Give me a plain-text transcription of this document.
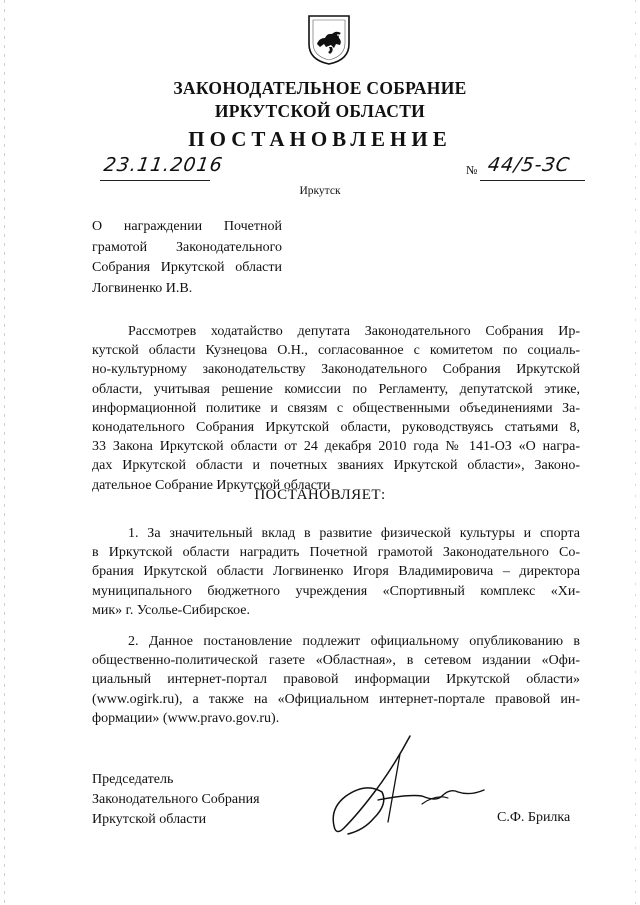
ЗАКОНОДАТЕЛЬНОЕ СОБРАНИЕ
ИРКУТСКОЙ ОБЛАСТИ
ПОСТАНОВЛЕНИЕ
23.11.2016	№ 44/5-ЗС
Иркутск
О награждении Почетной
грамотой Законодательного
Собрания Иркутской области
Логвиненко И.В.
Рассмотрев ходатайство депутата Законодательного Собрания Ир-
кутской области Кузнецова О.Н., согласованное с комитетом по социаль-
но-культурному законодательству Законодательного Собрания Иркутской
области, учитывая решение комиссии по Регламенту, депутатской этике,
информационной политике и связям с общественными объединениями За-
конодательного Собрания Иркутской области, руководствуясь статьями 8,
33 Закона Иркутской области от 24 декабря 2010 года № 141-ОЗ «О награ-
дах Иркутской области и почетных званиях Иркутской области», Законо-
дательное Собрание Иркутской области
ПОСТАНОВЛЯЕТ:
1. За значительный вклад в развитие физической культуры и спорта
в Иркутской области наградить Почетной грамотой Законодательного Со-
брания Иркутской области Логвиненко Игоря Владимировича – директора
муниципального бюджетного учреждения «Спортивный комплекс «Хи-
мик» г. Усолье-Сибирское.
2. Данное постановление подлежит официальному опубликованию в
общественно-политической газете «Областная», в сетевом издании «Офи-
циальный интернет-портал правовой информации Иркутской области»
(www.ogirk.ru), а также на «Официальном интернет-портале правовой ин-
формации» (www.pravo.gov.ru).
Председатель
Законодательного Собрания
Иркутской области	С.Ф. Брилка
